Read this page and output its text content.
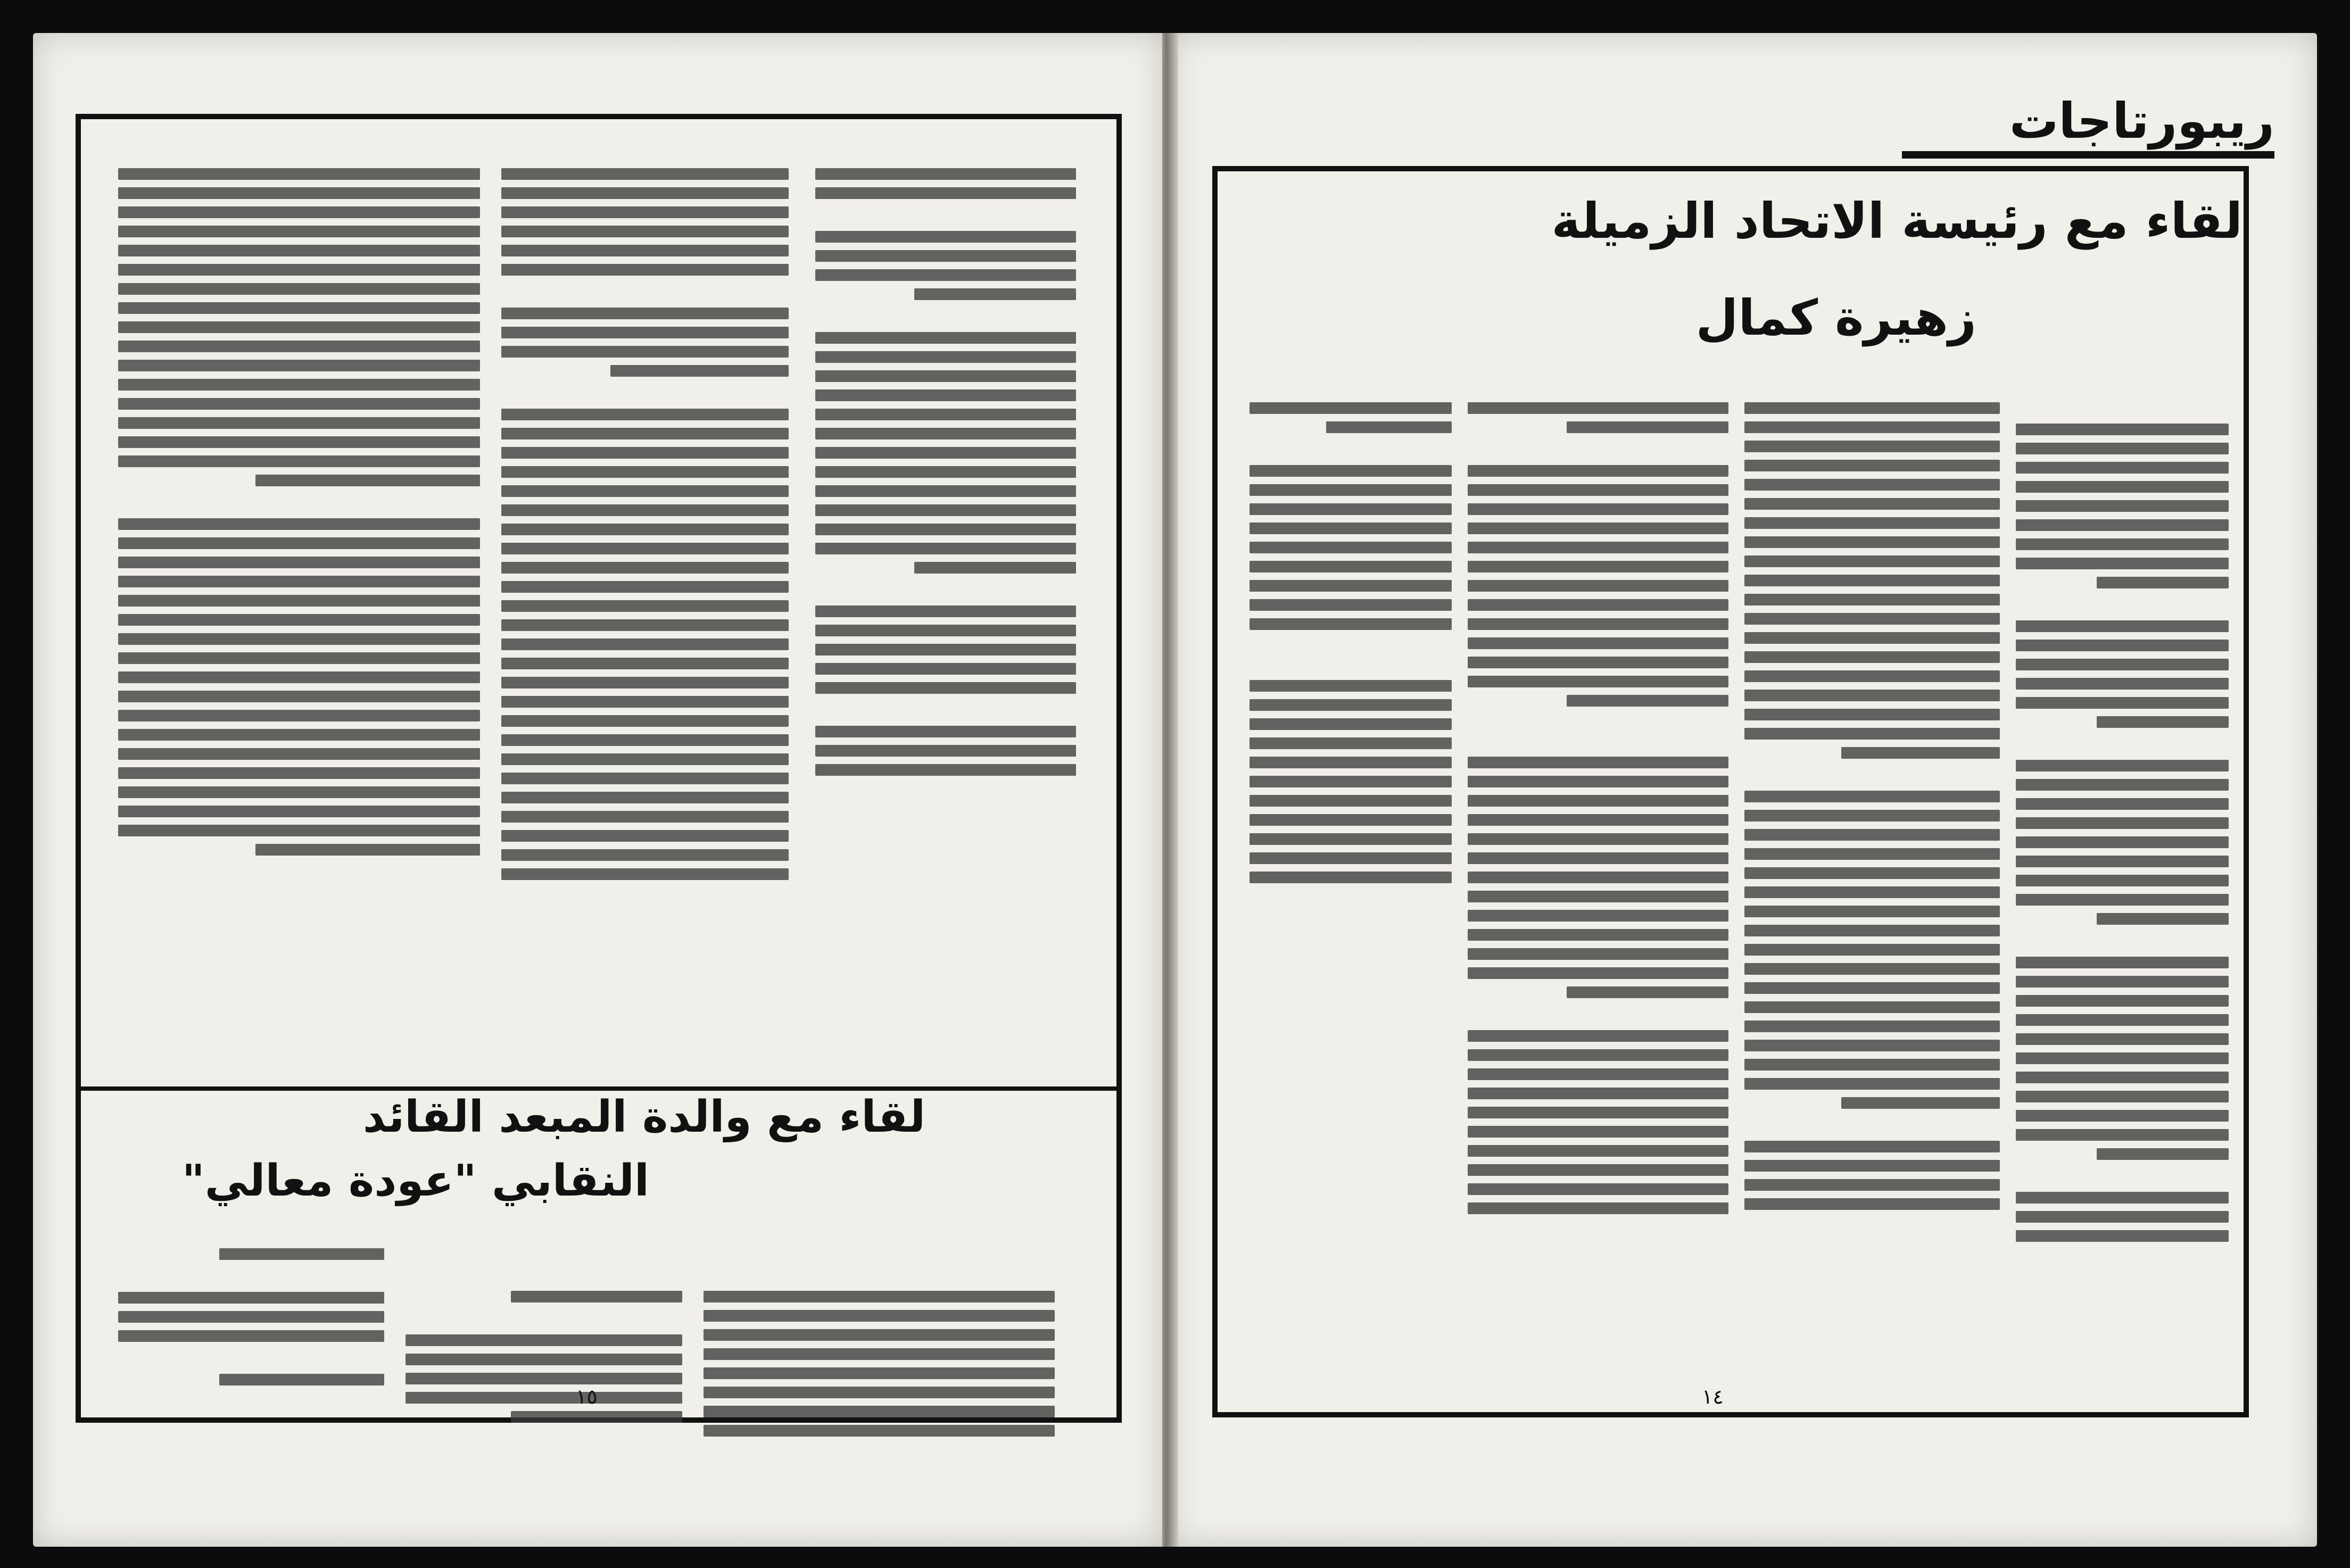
ريبورتاجات
لقاء مع رئيسة الاتحاد الزميلة
زهيرة كمال
١٤
لقاء مع والدة المبعد القائد
النقابي "عودة معالي"
١٥
